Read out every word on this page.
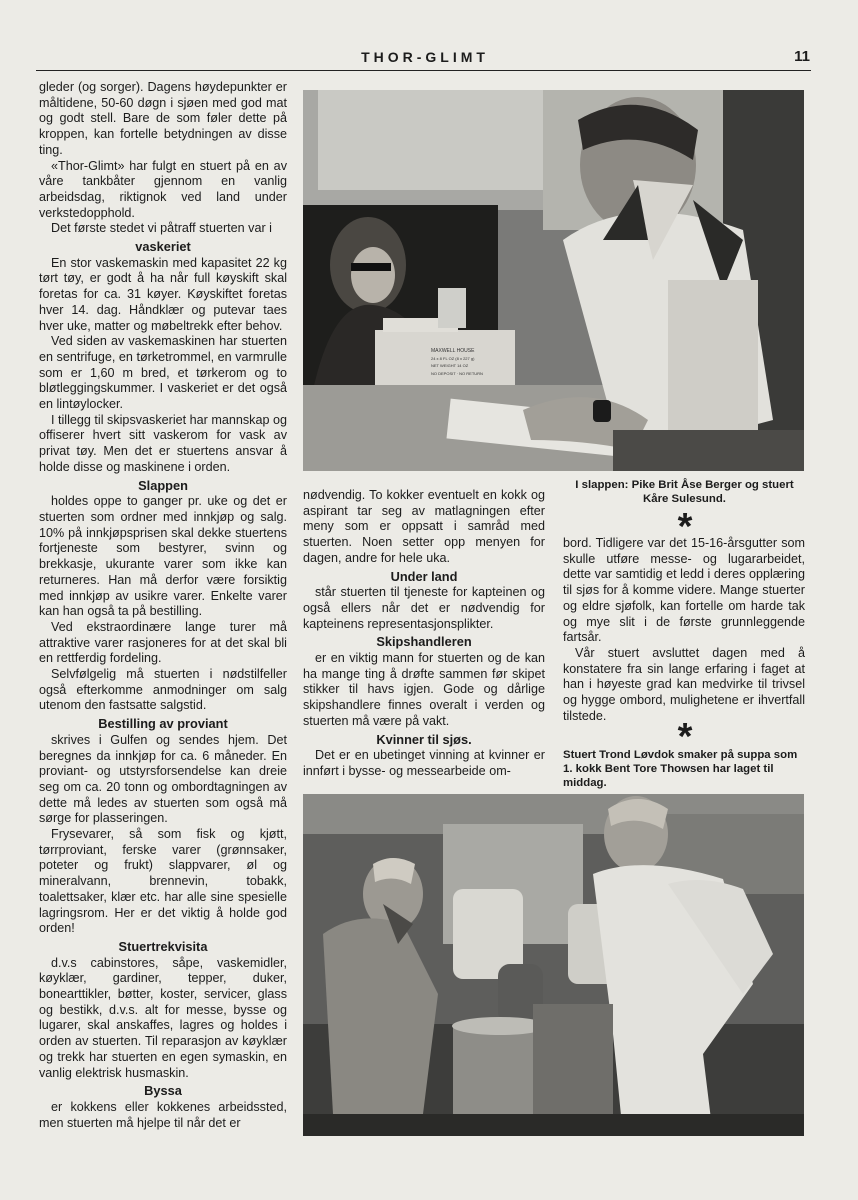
THOR-GLIMT	11

gleder (og sorger). Dagens høydepunkter er måltidene, 50-60 døgn i sjøen med god mat og godt stell. Bare de som føler dette på kroppen, kan fortelle betydningen av disse ting.

«Thor-Glimt» har fulgt en stuert på en av våre tankbåter gjennom en vanlig arbeidsdag, riktignok ved land under verkstedopphold.

Det første stedet vi påtraff stuerten var i

vaskeriet

En stor vaskemaskin med kapasitet 22 kg tørt tøy, er godt å ha når full køyskift skal foretas for ca. 31 køyer. Køyskiftet foretas hver 14. dag. Håndklær og putevar taes hver uke, matter og møbeltrekk efter behov.

Ved siden av vaskemaskinen har stuerten en sentrifuge, en tørketrommel, en varmrulle som er 1,60 m bred, et tørkerom og to bløtleggingskummer. I vaskeriet er det også en lintøylocker.

I tillegg til skipsvaskeriet har mannskap og offiserer hvert sitt vaskerom for vask av privat tøy. Men det er stuertens ansvar å holde disse og maskinene i orden.

Slappen

holdes oppe to ganger pr. uke og det er stuerten som ordner med innkjøp og salg. 10% på innkjøpsprisen skal dekke stuertens fortjeneste som bestyrer, svinn og brekkasje, ukurante varer som ikke kan returneres. Han må derfor være forsiktig med innkjøp av usikre varer. Enkelte varer kan han også ta på bestilling.

Ved ekstraordinære lange turer må attraktive varer rasjoneres for at det skal bli en rettferdig fordeling.

Selvfølgelig må stuerten i nødstilfeller også efterkomme anmodninger om salg utenom den fastsatte salgstid.

Bestilling av proviant

skrives i Gulfen og sendes hjem. Det beregnes da innkjøp for ca. 6 måneder. En proviant- og utstyrsforsendelse kan dreie seg om ca. 20 tonn og ombordtagningen av dette må ledes av stuerten som også må sørge for plasseringen.

Frysevarer, så som fisk og kjøtt, tørrproviant, ferske varer (grønnsaker, poteter og frukt) slappvarer, øl og mineralvann, brennevin, tobakk, toalettsaker, klær etc. har alle sine spesielle lagringsrom. Her er det viktig å holde god orden!

Stuertrekvisita

d.v.s cabinstores, såpe, vaskemidler, køyklær, gardiner, tepper, duker, bonearttikler, bøtter, koster, servicer, glass og bestikk, d.v.s. alt for messe, bysse og lugarer, skal anskaffes, lagres og holdes i orden av stuerten. Til reparasjon av køyklær og trekk har stuerten en egen symaskin, en vanlig elektrisk husmaskin.

Byssa

er kokkens eller kokkenes arbeidssted, men stuerten må hjelpe til når det er

MAXWELL HOUSE
24 x 8 FL OZ (8 x 227 g)
NET WEIGHT 14 OZ
NO DEPOSIT · NO RETURN
I slappen: Pike Brit Åse Berger og stuert Kåre Sulesund.

nødvendig. To kokker eventuelt en kokk og aspirant tar seg av matlagningen efter meny som er oppsatt i samråd med stuerten. Noen setter opp menyen for dagen, andre for hele uka.

Under land

står stuerten til tjeneste for kapteinen og også ellers når det er nødvendig for kapteinens representasjonsplikter.

Skipshandleren

er en viktig mann for stuerten og de kan ha mange ting å drøfte sammen før skipet stikker til havs igjen. Gode og dårlige skipshandlere finnes overalt i verden og stuerten må være på vakt.

Kvinner til sjøs.

Det er en ubetinget vinning at kvinner er innført i bysse- og messearbeide om-

*

bord. Tidligere var det 15-16-årsgutter som skulle utføre messe- og lugararbeidet, dette var samtidig et ledd i deres opplæring til sjøs for å komme videre. Mange stuerter og eldre sjøfolk, kan fortelle om harde tak og mye slit i de første grunnleggende fartsår.

Vår stuert avsluttet dagen med å konstatere fra sin lange erfaring i faget at han i høyeste grad kan medvirke til trivsel og hygge ombord, mulighetene er ihvertfall tilstede.

*
Stuert Trond Løvdok smaker på suppa som 1. kokk Bent Tore Thowsen har laget til middag.
